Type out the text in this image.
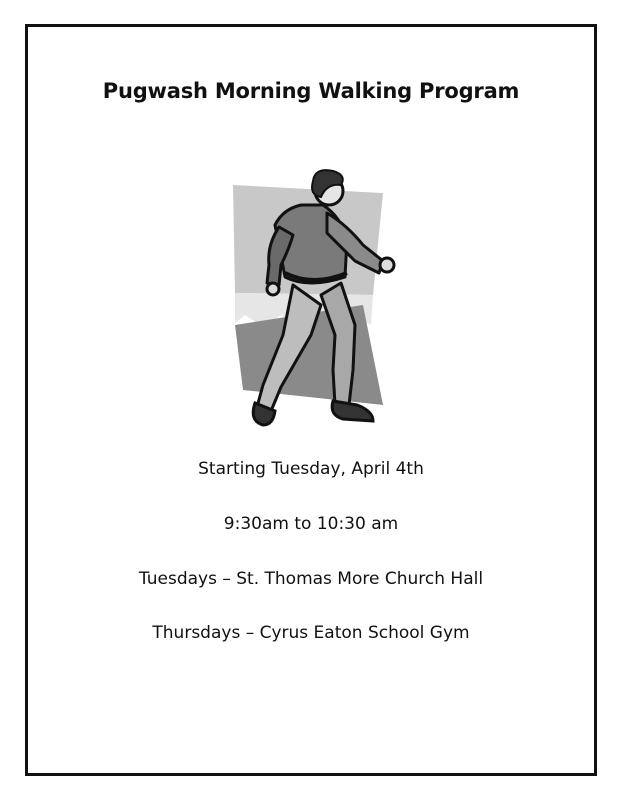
Pugwash Morning Walking Program
Starting Tuesday, April 4th
9:30am to 10:30 am
Tuesdays – St. Thomas More Church Hall
Thursdays – Cyrus Eaton School Gym
